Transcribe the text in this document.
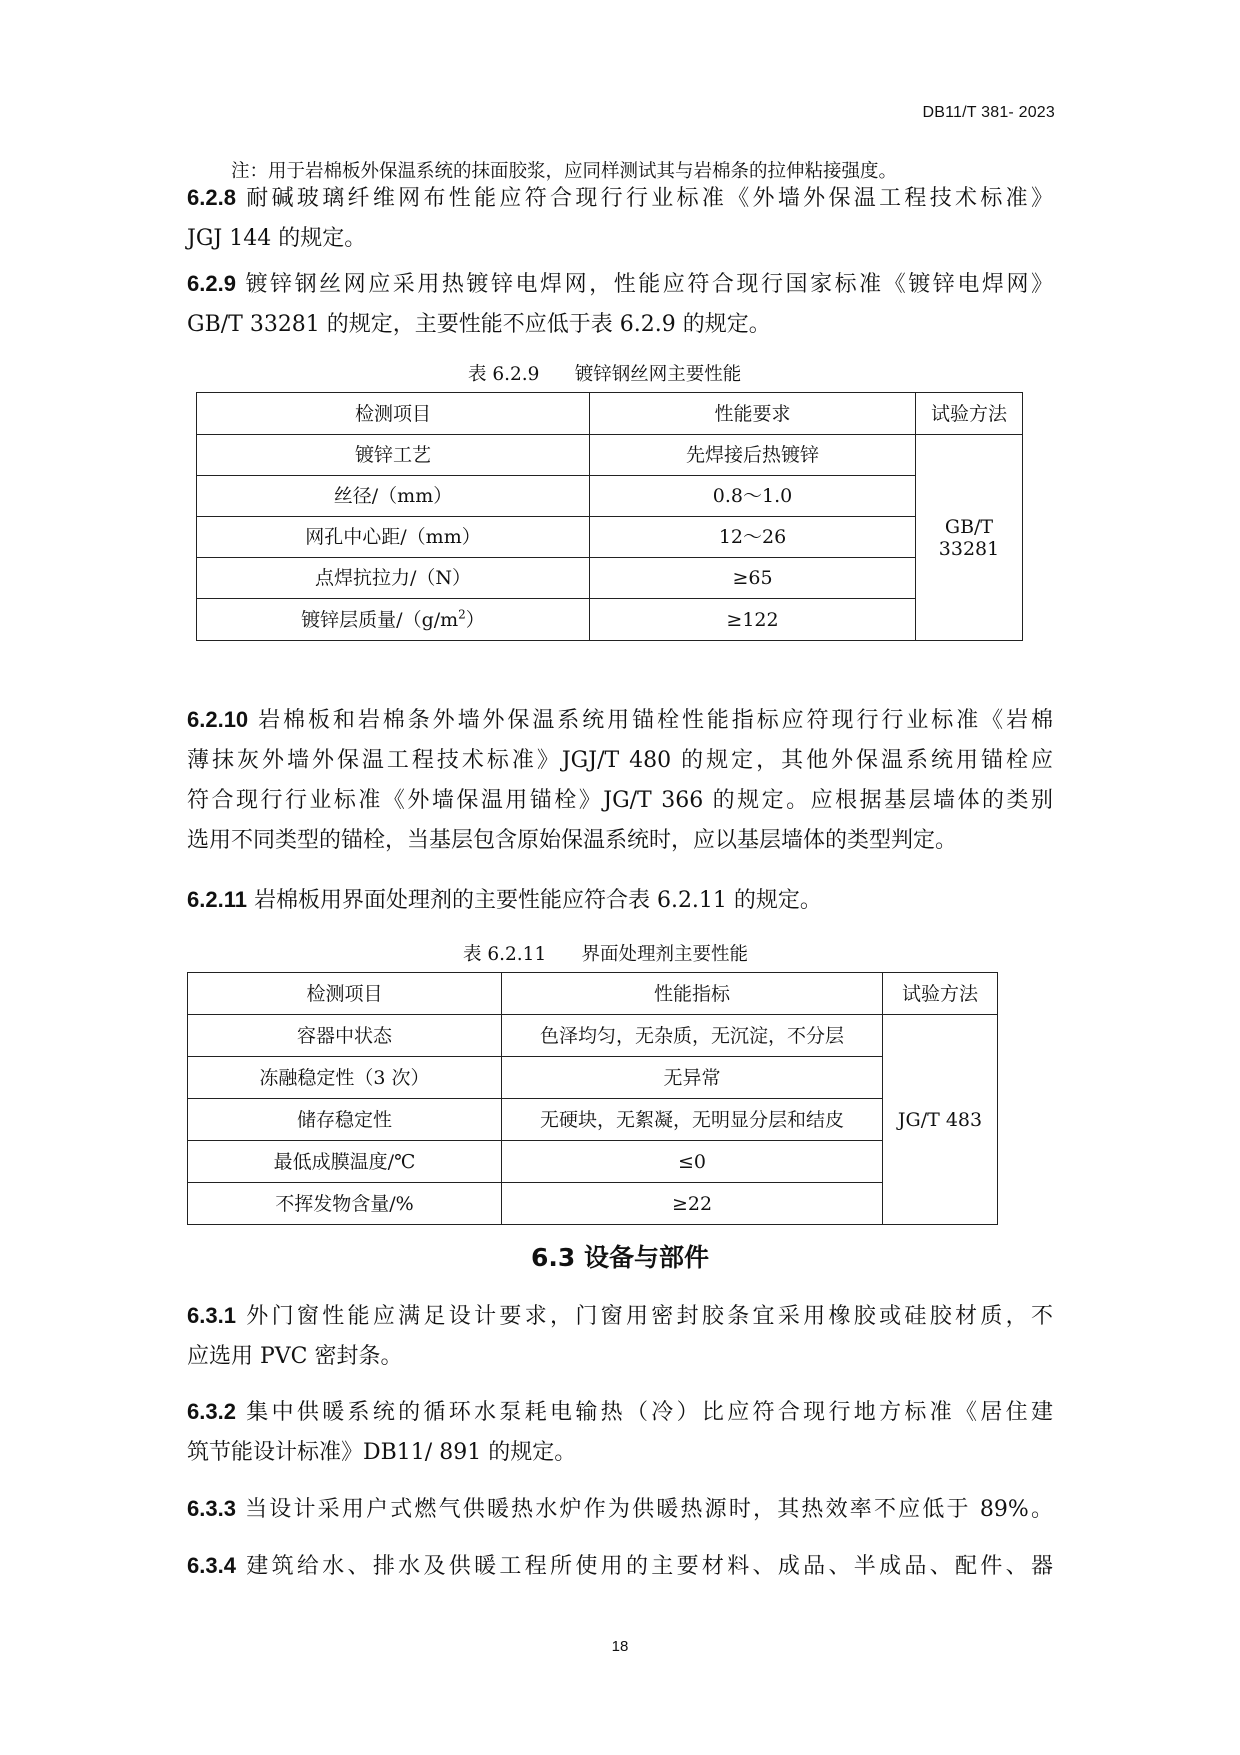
DB11/T 381- 2023
注：用于岩棉板外保温系统的抹面胶浆，应同样测试其与岩棉条的拉伸粘接强度。
6.2.8 耐碱玻璃纤维网布性能应符合现行行业标准《外墙外保温工程技术标准》
JGJ 144 的规定。
6.2.9 镀锌钢丝网应采用热镀锌电焊网，性能应符合现行国家标准《镀锌电焊网》
GB/T 33281 的规定，主要性能不应低于表 6.2.9 的规定。
表 6.2.9 镀锌钢丝网主要性能
检测项目	性能要求	试验方法
镀锌工艺	先焊接后热镀锌	GB/T
33281

丝径/（mm）	0.8～1.0	
网孔中心距/（mm）	12～26	
点焊抗拉力/（N）	≥65	
镀锌层质量$/(g/m^2)$	≥122	
6.2.10 岩棉板和岩棉条外墙外保温系统用锚栓性能指标应符现行行业标准《岩棉
薄抹灰外墙外保温工程技术标准》JGJ/T 480 的规定，其他外保温系统用锚栓应
符合现行行业标准《外墙保温用锚栓》JG/T 366 的规定。应根据基层墙体的类别
选用不同类型的锚栓，当基层包含原始保温系统时，应以基层墙体的类型判定。
6.2.11 岩棉板用界面处理剂的主要性能应符合表 6.2.11 的规定。
表 6.2.11 界面处理剂主要性能
检测项目	性能指标	试验方法
容器中状态	色泽均匀，无杂质，无沉淀，不分层	JG/T 483
冻融稳定性（3 次）	无异常	
储存稳定性	无硬块，无絮凝，无明显分层和结皮	
最低成膜温度/℃	≤0	
不挥发物含量/%	≥22	
6.3 设备与部件
6.3.1 外门窗性能应满足设计要求，门窗用密封胶条宜采用橡胶或硅胶材质，不
应选用 PVC 密封条。
6.3.2 集中供暖系统的循环水泵耗电输热（冷）比应符合现行地方标准《居住建
筑节能设计标准》DB11/ 891 的规定。
6.3.3 当设计采用户式燃气供暖热水炉作为供暖热源时，其热效率不应低于 89%。
6.3.4 建筑给水、排水及供暖工程所使用的主要材料、成品、半成品、配件、器
18
